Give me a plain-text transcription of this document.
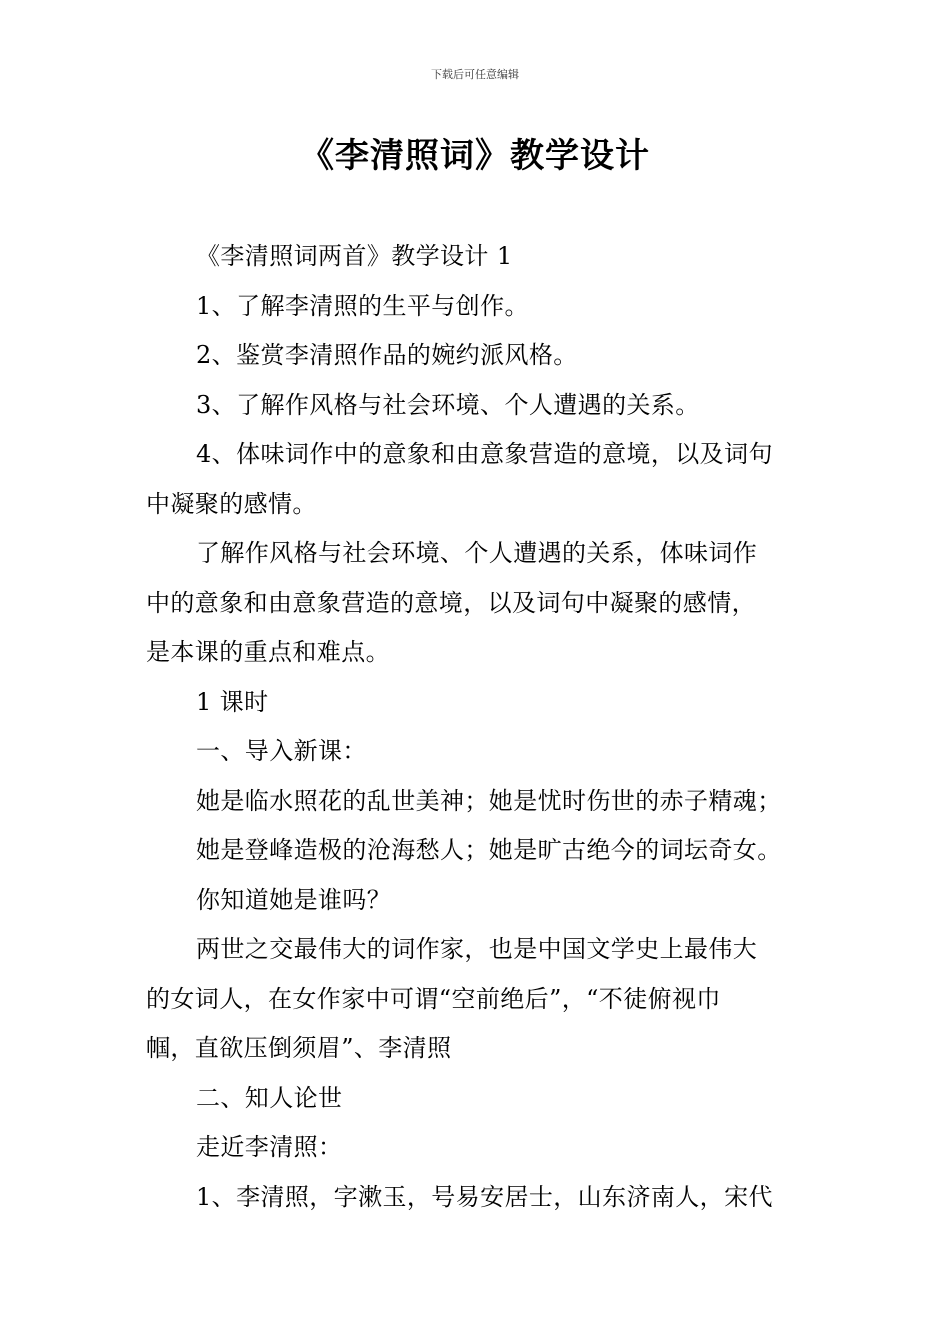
下载后可任意编辑
《李清照词》教学设计

《李清照词两首》教学设计 1

1、了解李清照的生平与创作。

2、鉴赏李清照作品的婉约派风格。

3、了解作风格与社会环境、个人遭遇的关系。

4、体味词作中的意象和由意象营造的意境，以及词句
中凝聚的感情。

了解作风格与社会环境、个人遭遇的关系，体味词作
中的意象和由意象营造的意境，以及词句中凝聚的感情，
是本课的重点和难点。

1 课时

一、导入新课：

她是临水照花的乱世美神；她是忧时伤世的赤子精魂；

她是登峰造极的沧海愁人；她是旷古绝今的词坛奇女。

你知道她是谁吗？

两世之交最伟大的词作家，也是中国文学史上最伟大
的女词人，在女作家中可谓“空前绝后”，“不徒俯视巾
帼，直欲压倒须眉”、李清照

二、知人论世

走近李清照：

1、李清照，字漱玉，号易安居士，山东济南人，宋代
